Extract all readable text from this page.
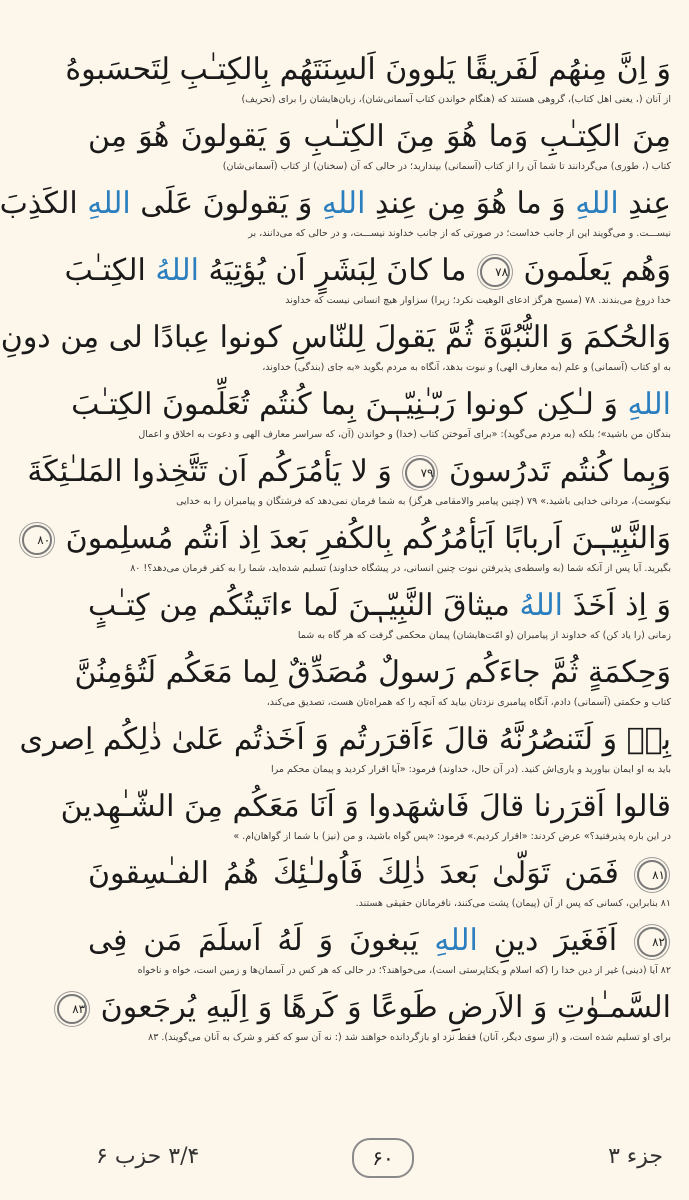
وَ اِنَّ مِنهُم لَفَريقًا يَلوونَ اَلسِنَتَهُم بِالكِتـٰبِ لِتَحسَبوهُ
از آنان (، یعنی اهل کتاب)، گروهی هستند که (هنگام خواندن کتاب آسمانی‌شان)، زبان‌هایشان را برای (تحریف)
مِنَ الكِتـٰبِ وَما هُوَ مِنَ الكِتـٰبِ وَ يَقولونَ هُوَ مِن
کتاب (، طوری) می‌گردانند تا شما آن را از کتاب (آسمانی) بپندارید؛ در حالی که آن (سخنان) از کتاب (آسمانی‌شان)
عِندِ اللهِ وَ ما هُوَ مِن عِندِ اللهِ وَ يَقولونَ عَلَى اللهِ الكَذِبَ
نیســـت. و می‌گویند این از جانب خداست؛ در صورتی که از جانب خداوند نیســـت، و در حالی که می‌دانند، بر
وَهُم يَعلَمونَ ٧٨ ما كانَ لِبَشَرٍ اَن يُؤتِيَهُ اللهُ الكِتـٰبَ
خدا دروغ می‌بندند. ۷۸ (مسیح هرگز ادعای الوهیت نکرد؛ زیرا) سزاوار هیچ انسانی نیست که خداوند
وَالحُكمَ وَ النُّبُوَّةَ ثُمَّ يَقولَ لِلنّاسِ كونوا عِبادًا لى مِن دونِ
به او کتاب (آسمانی) و علم (به معارف الهی) و نبوت بدهد، آنگاه به مردم بگوید «به جای (بندگی) خداوند،
اللهِ وَ لـٰكِن كونوا رَبّـٰنِيّـٖنَ بِما كُنتُم تُعَلِّمونَ الكِتـٰبَ
بندگان من باشید»؛ بلکه (به مردم می‌گوید): «برای آموختن کتاب (خدا) و خواندن (آن، که سراسر معارف الهی و دعوت به اخلاق و اعمال
وَبِما كُنتُم تَدرُسونَ ٧٩ وَ لا يَأمُرَكُم اَن تَتَّخِذوا المَلـٰئِكَةَ
نیکوست)، مردانی خدایی باشید.» ۷۹ (چنین پیامبر والامقامی هرگز) به شما فرمان نمی‌دهد که فرشتگان و پیامبران را به خدایی
وَالنَّبِيّـٖنَ اَربابًا اَيَأمُرُكُم بِالكُفرِ بَعدَ اِذ اَنتُم مُسلِمونَ ٨٠
بگیرید. آیا پس از آنکه شما (به واسطه‌ی پذیرفتن نبوت چنین انسانی، در پیشگاه خداوند) تسلیم شده‌اید، شما را به کفر فرمان می‌دهد؟! ۸۰
وَ اِذ اَخَذَ اللهُ ميثاقَ النَّبِيّـٖنَ لَما ءاتَيتُكُم مِن كِتـٰبٍ
زمانی (را یاد کن) که خداوند از پیامبران (و امّت‌هایشان) پیمان محکمی گرفت که هر گاه به شما
وَحِكمَةٍ ثُمَّ جاءَكُم رَسولٌ مُصَدِّقٌ لِما مَعَكُم لَتُؤمِنُنَّ
کتاب و حکمتی (آسمانی) دادم، آنگاه پیامبری نزدتان بیاید که آنچه را که همراه‌تان هست، تصدیق می‌کند،
بِهٖ وَ لَتَنصُرُنَّهُ قالَ ءَاَقرَرتُم وَ اَخَذتُم عَلىٰ ذٰلِكُم اِصرى
باید به او ایمان بیاورید و یاری‌اش کنید. (در آن حال، خداوند) فرمود: «آیا اقرار کردید و پیمان محکم مرا
قالوا اَقرَرنا قالَ فَاشهَدوا وَ اَنَا مَعَكُم مِنَ الشّـٰهِدينَ
در این باره پذیرفتید؟» عرض کردند: «اقرار کردیم.» فرمود: «پس گواه باشید، و من (نیز) با شما از گواهان‌ام. »
٨١ فَمَن تَوَلّىٰ بَعدَ ذٰلِكَ فَاُولـٰئِكَ هُمُ الفـٰسِقونَ
۸۱ بنابراین، کسانی که پس از آن (پیمان) پشت می‌کنند، نافرمانان حقیقی هستند.
٨٢ اَفَغَيرَ دينِ اللهِ يَبغونَ وَ لَهُ اَسلَمَ مَن فِى
۸۲ آیا (دینی) غیر از دین خدا را (که اسلام و یکتاپرستی است)، می‌خواهند؟؛ در حالی که هر کس در آسمان‌ها و زمین است، خواه و ناخواه
السَّمـٰوٰتِ وَ الاَرضِ طَوعًا وَ كَرهًا وَ اِلَيهِ يُرجَعونَ ٨٣
برای او تسلیم شده است، و (از سوی دیگر، آنان) فقط نزد او بازگردانده خواهند شد (: نه آن سو که کفر و شرک به آنان می‌گویند). ۸۳
جزء ۳
۶۰
۳/۴ حزب ۶
